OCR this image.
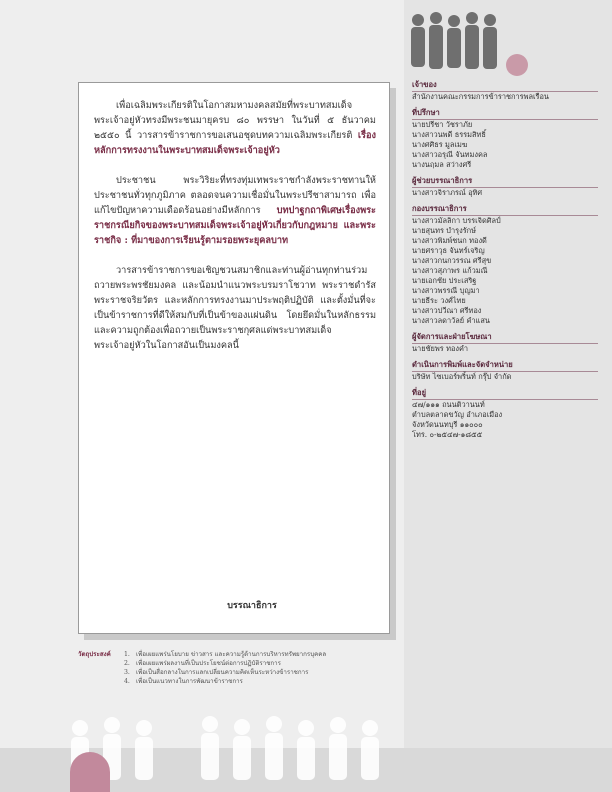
เพื่อเฉลิมพระเกียรติในโอกาสมหามงคลสมัยที่พระบาทสมเด็จพระเจ้าอยู่หัวทรงมีพระชนมายุครบ ๘๐ พรรษา ในวันที่ ๕ ธันวาคม ๒๕๕๐ นี้ วารสารข้าราชการขอเสนอชุดบทความเฉลิมพระเกียรติ เรื่องหลักการทรงงานในพระบาทสมเด็จพระเจ้าอยู่หัว

ประชาชน พระวิริยะที่ทรงทุ่มเทพระราชกำลังพระราชทานให้ประชาชนทั่วทุกภูมิภาค ตลอดจนความเชื่อมั่นในพระปรีชาสามารถ เพื่อแก้ไขปัญหาความเดือดร้อนอย่างมีหลักการ บทปาฐกถาพิเศษเรื่องพระราชกรณียกิจของพระบาทสมเด็จพระเจ้าอยู่หัวเกี่ยวกับกฎหมาย และพระราชกิจ : ที่มาของการเรียนรู้ตามรอยพระยุคลบาท

วารสารข้าราชการขอเชิญชวนสมาชิกและท่านผู้อ่านทุกท่านร่วมถวายพระพรชัยมงคล และน้อมนำแนวพระบรมราโชวาท พระราชดำรัส พระราชจริยวัตร และหลักการทรงงานมาประพฤติปฏิบัติ และตั้งมั่นที่จะเป็นข้าราชการที่ดีให้สมกับที่เป็นข้าของแผ่นดิน โดยยึดมั่นในหลักธรรมและความถูกต้องเพื่อถวายเป็นพระราชกุศลแด่พระบาทสมเด็จพระเจ้าอยู่หัวในโอกาสอันเป็นมงคลนี้

บรรณาธิการ
เจ้าของ
สำนักงานคณะกรรมการข้าราชการพลเรือน
ที่ปรึกษา
นายปรีชา วัชราภัย
นางสาวนพดี ธรรมสิทธิ์
นางศศิธร มูลเมฆ
นางสาวอรุณี จันทมงคล
นางนฤมล สว่างศรี
ผู้ช่วยบรรณาธิการ
นางสาวจิราภรณ์ อุทิศ
กองบรรณาธิการ
นางสาวมัลลิกา บรรเจิดศิลป์
นายสุนทร บำรุงรักษ์
นางสาวพิมพ์ชนก ทองดี
นายศราวุธ จันทร์เจริญ
นางสาวกนกวรรณ ศรีสุข
นางสาวสุภาพร แก้วมณี
นายเอกชัย ประเสริฐ
นางสาวพรรณี บุญมา
นายธีระ วงศ์ไทย
นางสาวปวีณา ศรีทอง
นางสาวลดาวัลย์ คำแสน
ผู้จัดการและฝ่ายโฆษณา
นายชัยพร ทองคำ
ดำเนินการพิมพ์และจัดจำหน่าย
บริษัท ไซเบอร์พริ้นท์ กรุ๊ป จำกัด
ที่อยู่
๔๗/๑๑๑ ถนนติวานนท์
ตำบลตลาดขวัญ อำเภอเมือง
จังหวัดนนทบุรี ๑๑๐๐๐
โทร. ๐-๒๕๔๗-๑๘๕๕
วัตถุประสงค์	1. เพื่อเผยแพร่นโยบาย ข่าวสาร และความรู้ด้านการบริหารทรัพยากรบุคคล
2. เพื่อเผยแพร่ผลงานที่เป็นประโยชน์ต่อการปฏิบัติราชการ
3. เพื่อเป็นสื่อกลางในการแลกเปลี่ยนความคิดเห็นระหว่างข้าราชการ
4. เพื่อเป็นแนวทางในการพัฒนาข้าราชการ
